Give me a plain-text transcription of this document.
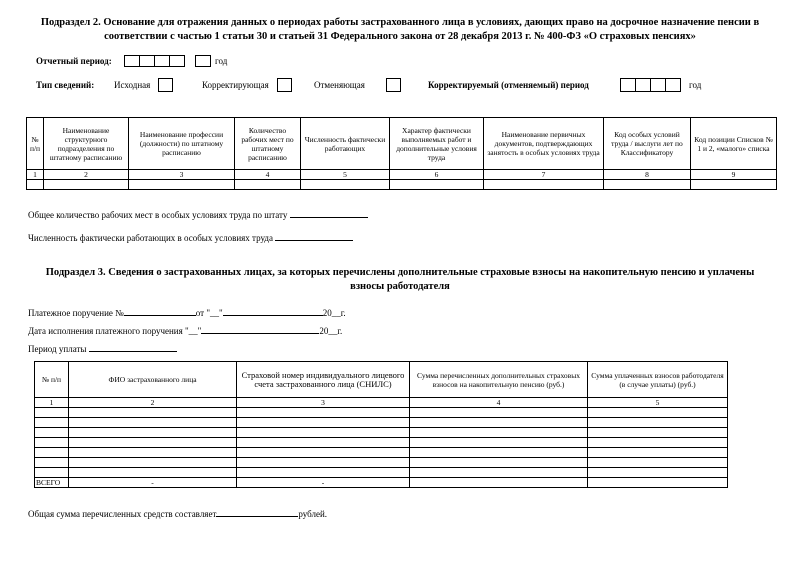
Подраздел 2. Основание для отражения данных о периодах работы застрахованного лица в условиях, дающих право на досрочное назначение пенсии в
соответствии с частью 1 статьи 30 и статьей 31 Федерального закона от 28 декабря 2013 г. № 400-ФЗ «О страховых пенсиях»
Отчетный период:	год
Тип сведений: Исходная	Корректирующая	Отменяющая	Корректируемый (отменяемый) период	год
№ п/п	Наименование структурного подразделения по штатному расписанию	Наименование профессии (должности) по штатному расписанию	Количество рабочих мест по штатному расписанию	Численность фактически работающих	Характер фактически выполняемых работ и дополнительные условия труда	Наименование первичных документов, подтверждающих занятость в особых условиях труда	Код особых условий труда / выслуги лет по Классификатору	Код позиции Списков № 1 и 2, «малого» списка
1	2	3	4	5	6	7	8	9

Общее количество рабочих мест в особых условиях труда по штату
Численность фактически работающих в особых условиях труда
Подраздел 3. Сведения о застрахованных лицах, за которых перечислены дополнительные страховые взносы на накопительную пенсию и уплачены
взносы работодателя
Платежное поручение №	от "__"	20__г.
Дата исполнения платежного поручения "__"	20__г.
Период уплаты
№ п/п	ФИО застрахованного лица	Страховой номер индивидуального лицевого счета застрахованного лица (СНИЛС)	Сумма перечисленных дополнительных страховых взносов на накопительную пенсию (руб.)	Сумма уплаченных взносов работодателя (в случае уплаты) (руб.)
1	2	3	4	5

ВСЕГО	-	-		
Общая сумма перечисленных средств составляет	рублей.
